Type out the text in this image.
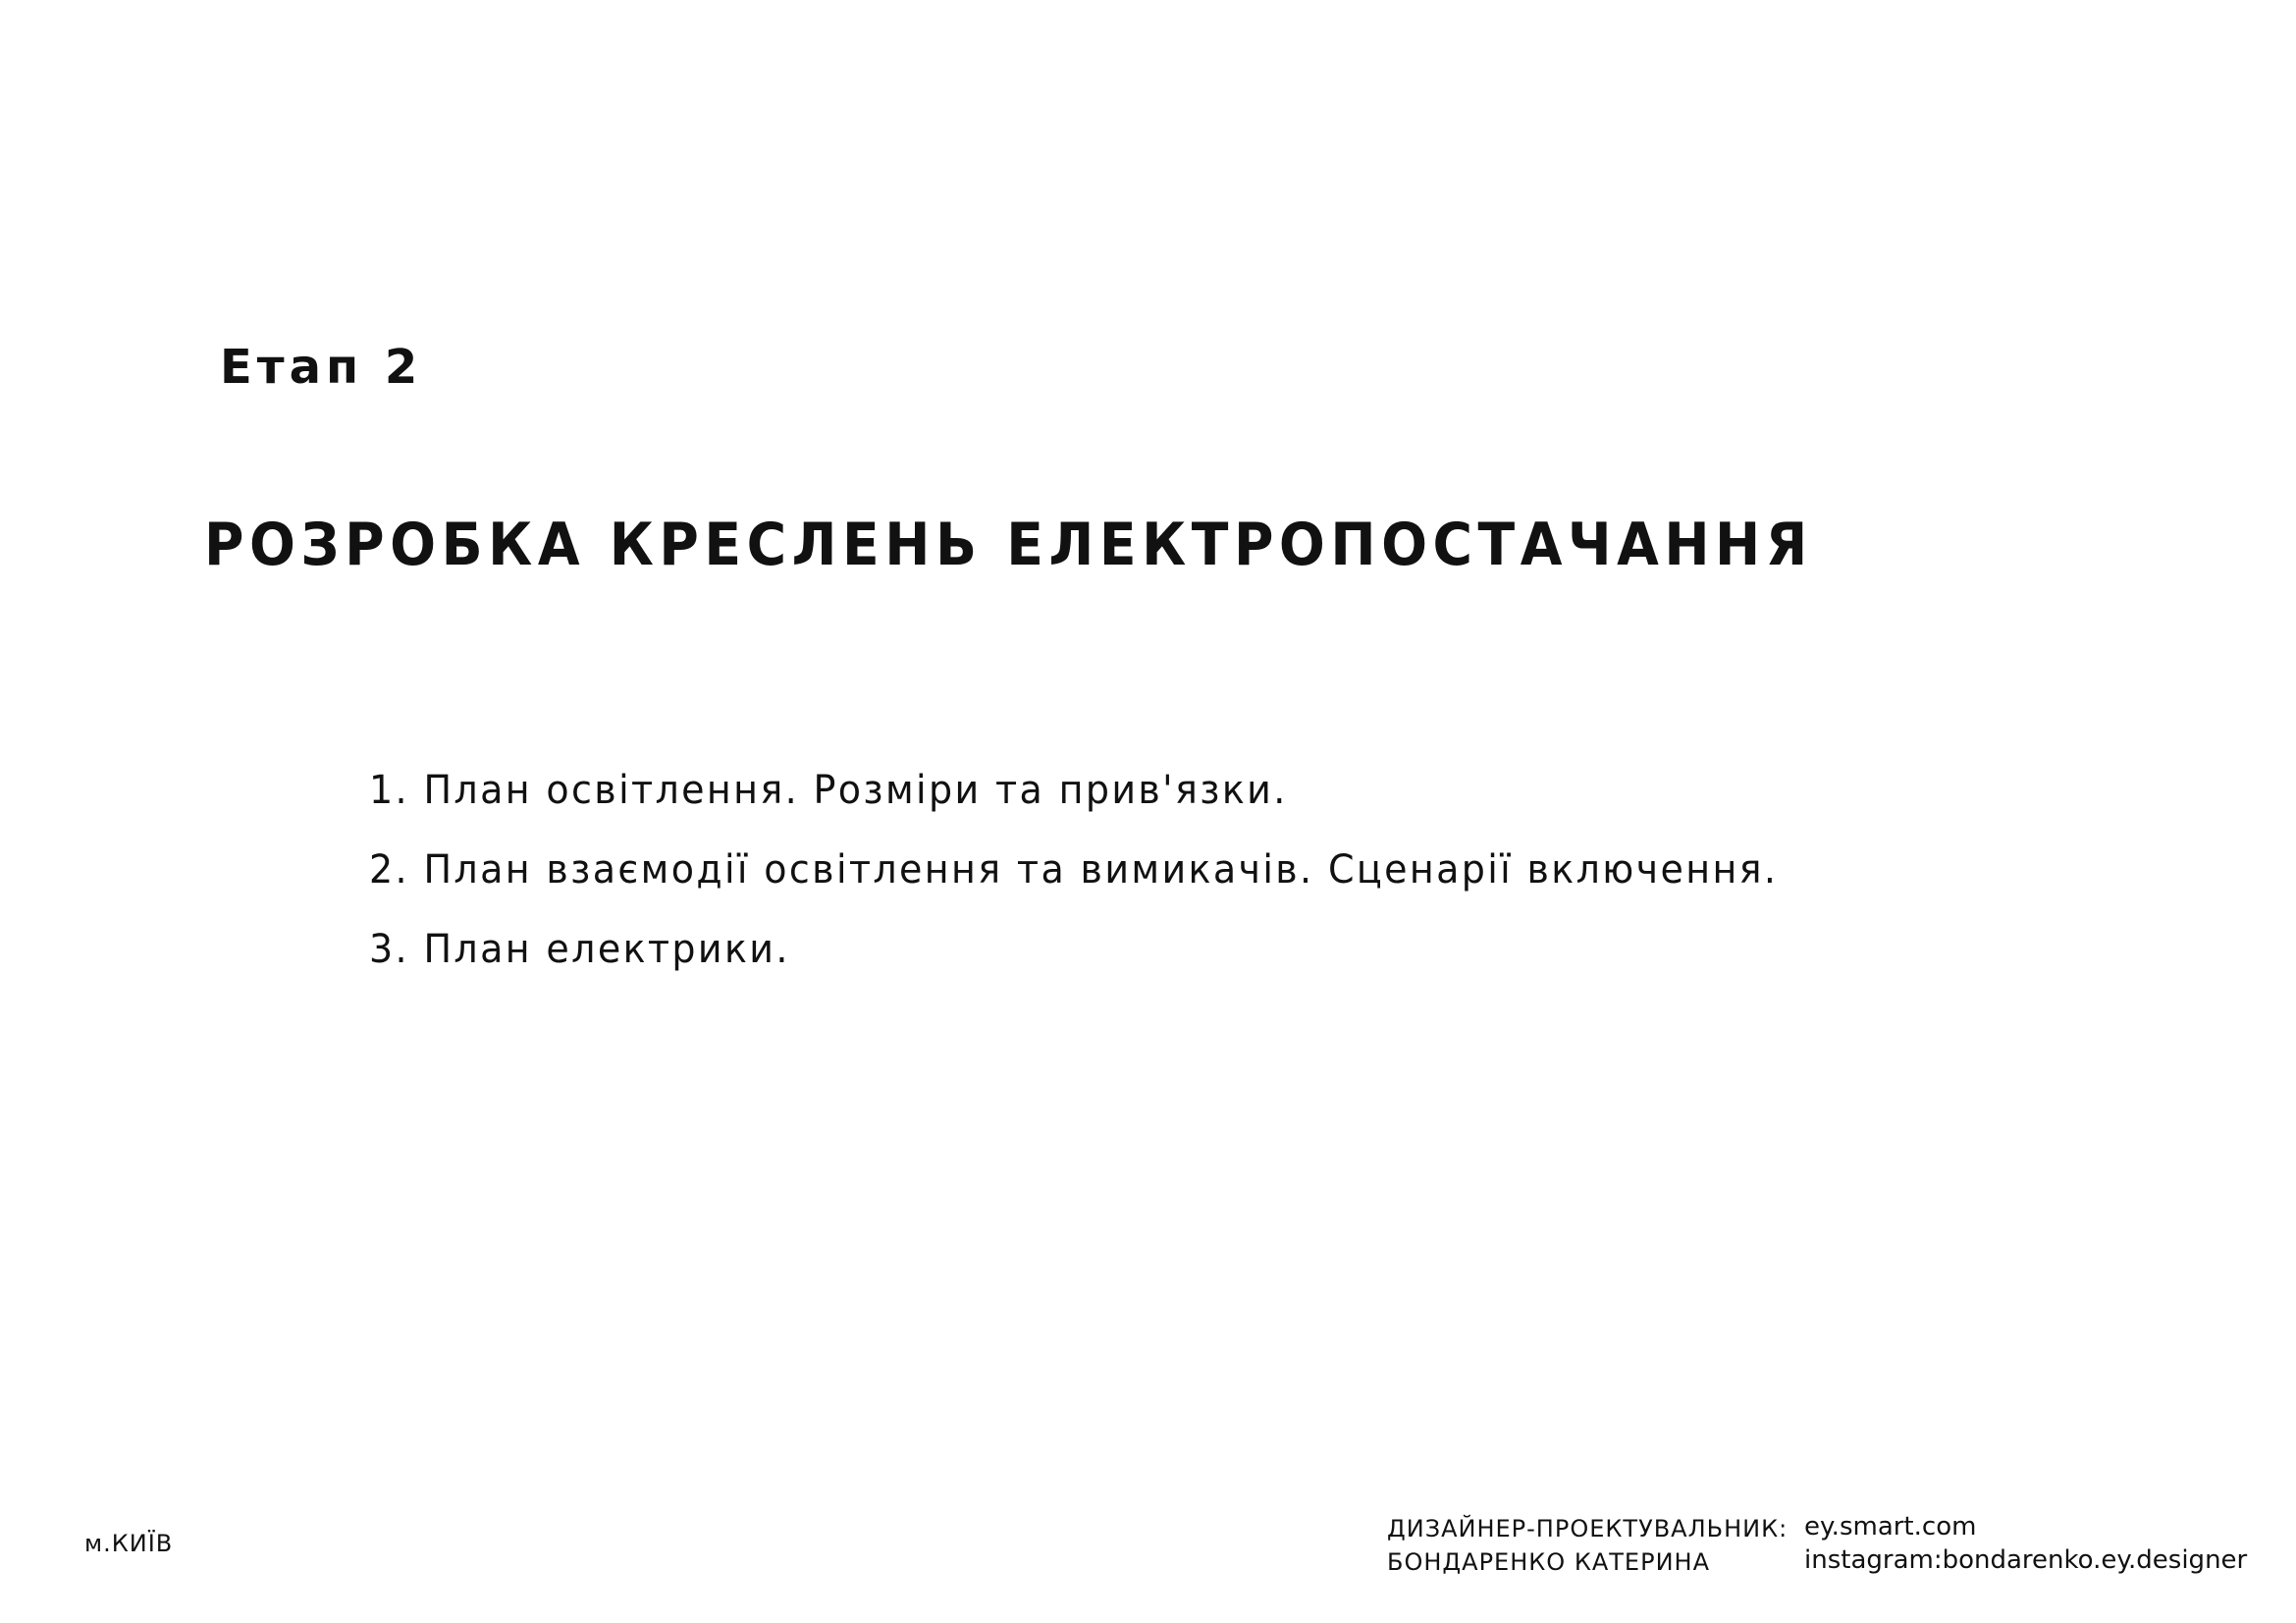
Етап 2
РОЗРОБКА КРЕСЛЕНЬ ЕЛЕКТРОПОСТАЧАННЯ
1. План освітлення. Розміри та прив'язки.
2. План взаємодії освітлення та вимикачів. Сценарії включення.
3. План електрики.
м.КИЇВ
ДИЗАЙНЕР-ПРОЕКТУВАЛЬНИК:
БОНДАРЕНКО КАТЕРИНА
ey.smart.com
instagram:bondarenko.ey.designer
